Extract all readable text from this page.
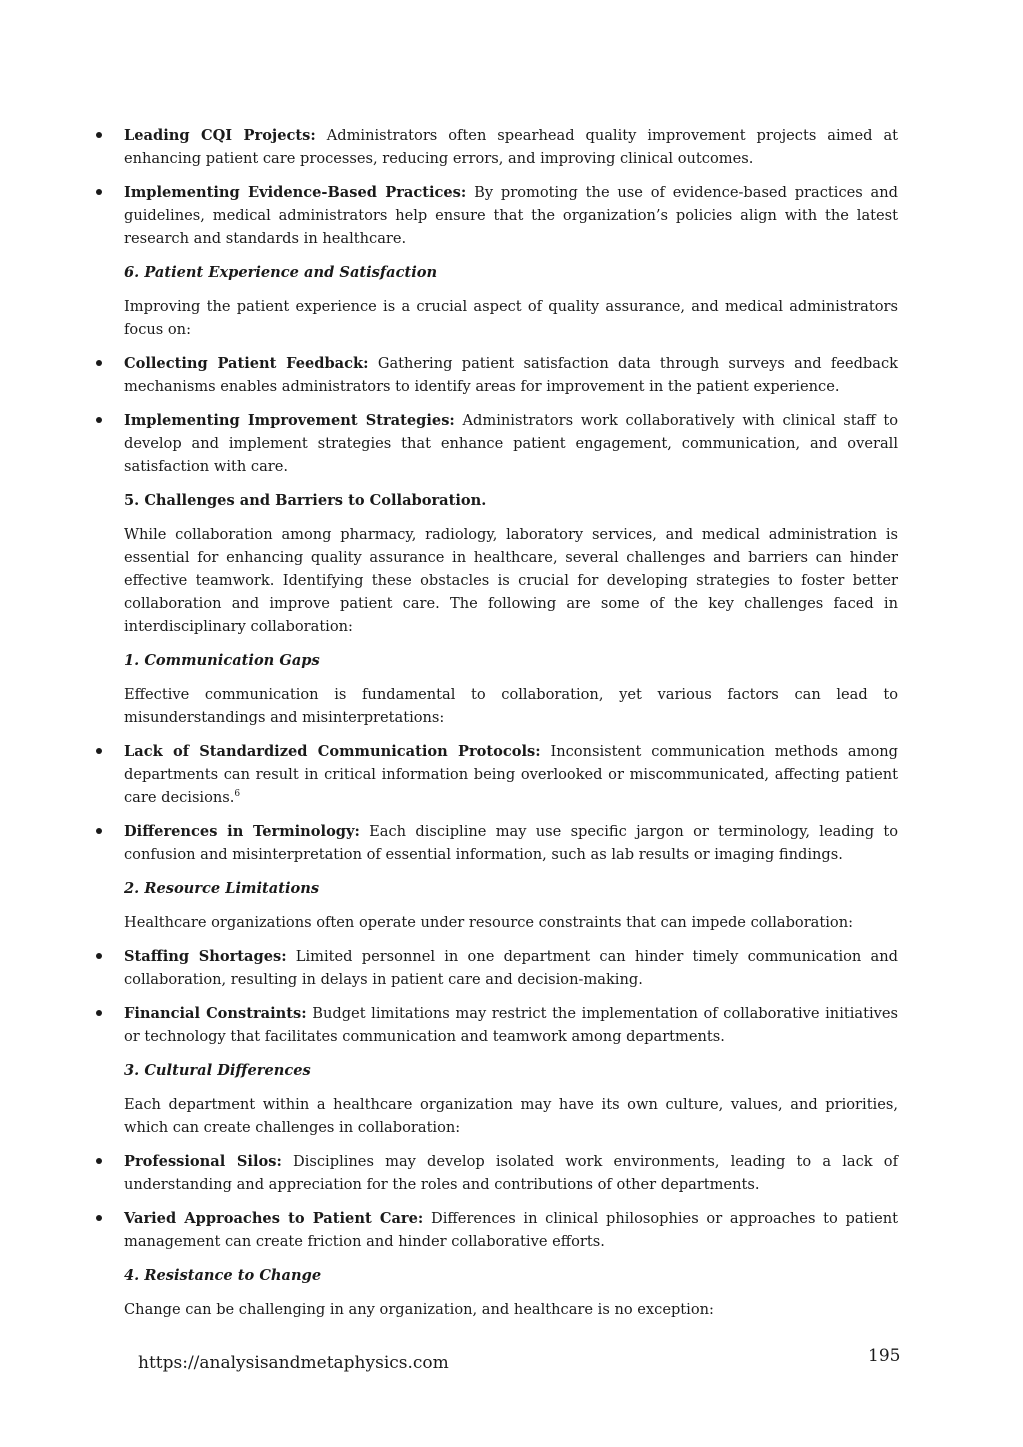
Leading CQI Projects: Administrators often spearhead quality improvement projects aimed at enhancing patient care processes, reducing errors, and improving clinical outcomes.
Implementing Evidence-Based Practices: By promoting the use of evidence-based practices and guidelines, medical administrators help ensure that the organization’s policies align with the latest research and standards in healthcare.
6. Patient Experience and Satisfaction
Improving the patient experience is a crucial aspect of quality assurance, and medical administrators focus on:
Collecting Patient Feedback: Gathering patient satisfaction data through surveys and feedback mechanisms enables administrators to identify areas for improvement in the patient experience.
Implementing Improvement Strategies: Administrators work collaboratively with clinical staff to develop and implement strategies that enhance patient engagement, communication, and overall satisfaction with care.
5. Challenges and Barriers to Collaboration.
While collaboration among pharmacy, radiology, laboratory services, and medical administration is essential for enhancing quality assurance in healthcare, several challenges and barriers can hinder effective teamwork. Identifying these obstacles is crucial for developing strategies to foster better collaboration and improve patient care. The following are some of the key challenges faced in interdisciplinary collaboration:
1. Communication Gaps
Effective communication is fundamental to collaboration, yet various factors can lead to misunderstandings and misinterpretations:
Lack of Standardized Communication Protocols: Inconsistent communication methods among departments can result in critical information being overlooked or miscommunicated, affecting patient care decisions.$^6$
Differences in Terminology: Each discipline may use specific jargon or terminology, leading to confusion and misinterpretation of essential information, such as lab results or imaging findings.
2. Resource Limitations
Healthcare organizations often operate under resource constraints that can impede collaboration:
Staffing Shortages: Limited personnel in one department can hinder timely communication and collaboration, resulting in delays in patient care and decision-making.
Financial Constraints: Budget limitations may restrict the implementation of collaborative initiatives or technology that facilitates communication and teamwork among departments.
3. Cultural Differences
Each department within a healthcare organization may have its own culture, values, and priorities, which can create challenges in collaboration:
Professional Silos: Disciplines may develop isolated work environments, leading to a lack of understanding and appreciation for the roles and contributions of other departments.
Varied Approaches to Patient Care: Differences in clinical philosophies or approaches to patient management can create friction and hinder collaborative efforts.
4. Resistance to Change
Change can be challenging in any organization, and healthcare is no exception:
https://analysisandmetaphysics.com	195
